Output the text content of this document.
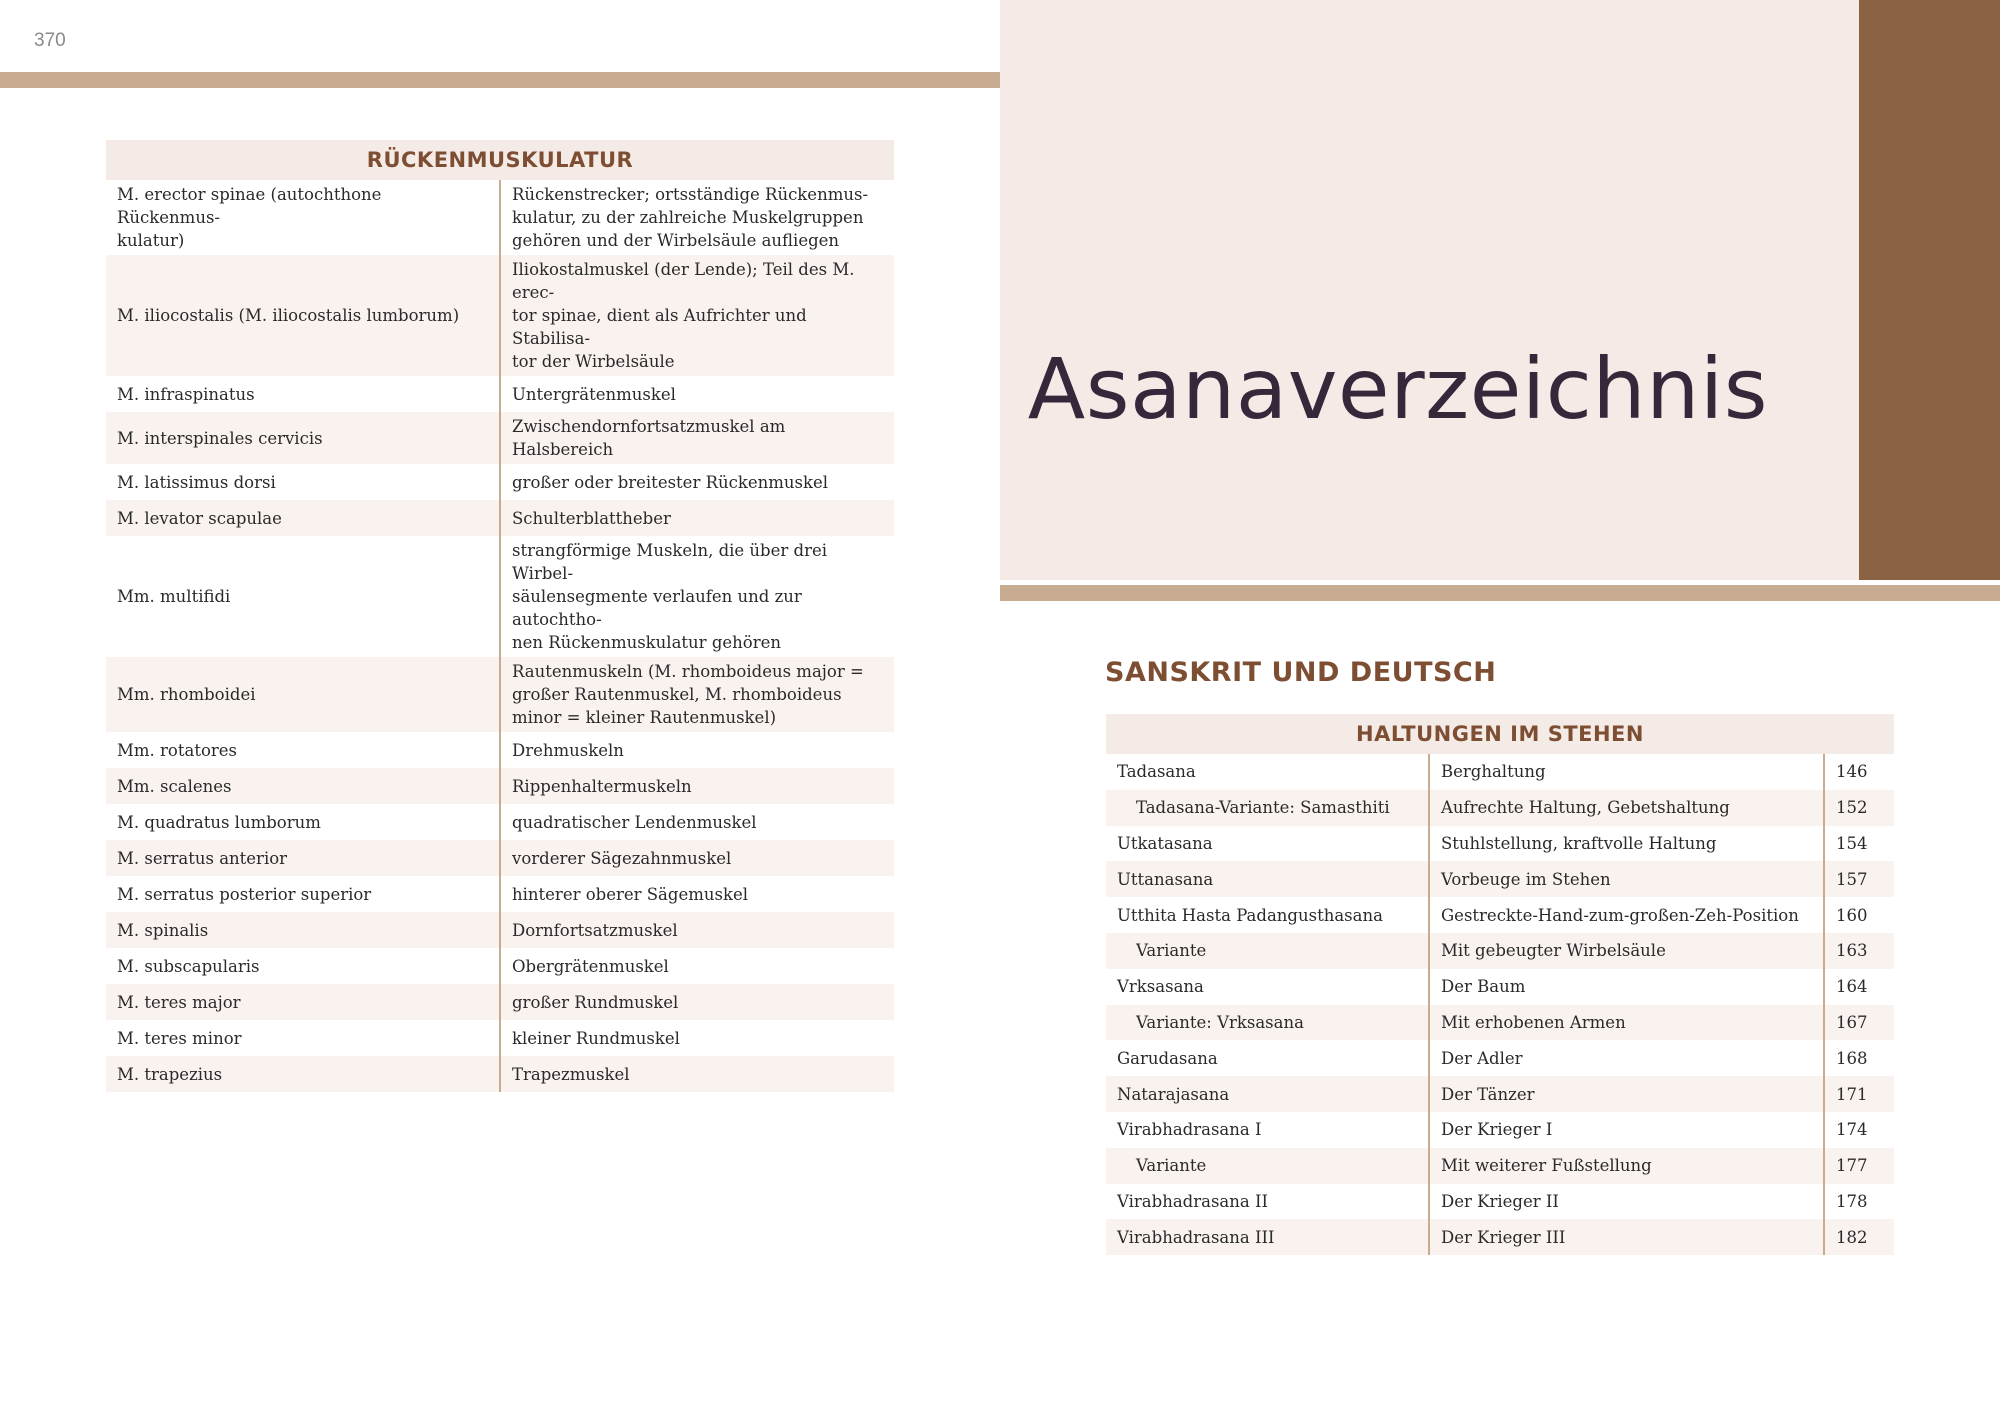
370
Asanaverzeichnis
SANSKRIT UND DEUTSCH
RÜCKENMUSKULATUR	
M. erector spinae (autochthone Rückenmus-
kulatur)	Rückenstrecker; ortsständige Rückenmus-
kulatur, zu der zahlreiche Muskelgruppen
gehören und der Wirbelsäule aufliegen
M. iliocostalis (M. iliocostalis lumborum)	Iliokostalmuskel (der Lende); Teil des M. erec-
tor spinae, dient als Aufrichter und Stabilisa-
tor der Wirbelsäule
M. infraspinatus	Untergrätenmuskel
M. interspinales cervicis	Zwischendornfortsatzmuskel am Halsbereich
M. latissimus dorsi	großer oder breitester Rückenmuskel
M. levator scapulae	Schulterblattheber
Mm. multifidi	strangförmige Muskeln, die über drei Wirbel-
säulensegmente verlaufen und zur autochtho-
nen Rückenmuskulatur gehören
Mm. rhomboidei	Rautenmuskeln (M. rhomboideus major =
großer Rautenmuskel, M. rhomboideus
minor = kleiner Rautenmuskel)
Mm. rotatores	Drehmuskeln
Mm. scalenes	Rippenhaltermuskeln
M. quadratus lumborum	quadratischer Lendenmuskel
M. serratus anterior	vorderer Sägezahnmuskel
M. serratus posterior superior	hinterer oberer Sägemuskel
M. spinalis	Dornfortsatzmuskel
M. subscapularis	Obergrätenmuskel
M. teres major	großer Rundmuskel
M. teres minor	kleiner Rundmuskel
M. trapezius	Trapezmuskel
HALTUNGEN IM STEHEN		
Tadasana	Berghaltung	146
Tadasana-Variante: Samasthiti	Aufrechte Haltung, Gebetshaltung	152
Utkatasana	Stuhlstellung, kraftvolle Haltung	154
Uttanasana	Vorbeuge im Stehen	157
Utthita Hasta Padangusthasana	Gestreckte-Hand-zum-großen-Zeh-Position	160
Variante	Mit gebeugter Wirbelsäule	163
Vrksasana	Der Baum	164
Variante: Vrksasana	Mit erhobenen Armen	167
Garudasana	Der Adler	168
Natarajasana	Der Tänzer	171
Virabhadrasana I	Der Krieger I	174
Variante	Mit weiterer Fußstellung	177
Virabhadrasana II	Der Krieger II	178
Virabhadrasana III	Der Krieger III	182
